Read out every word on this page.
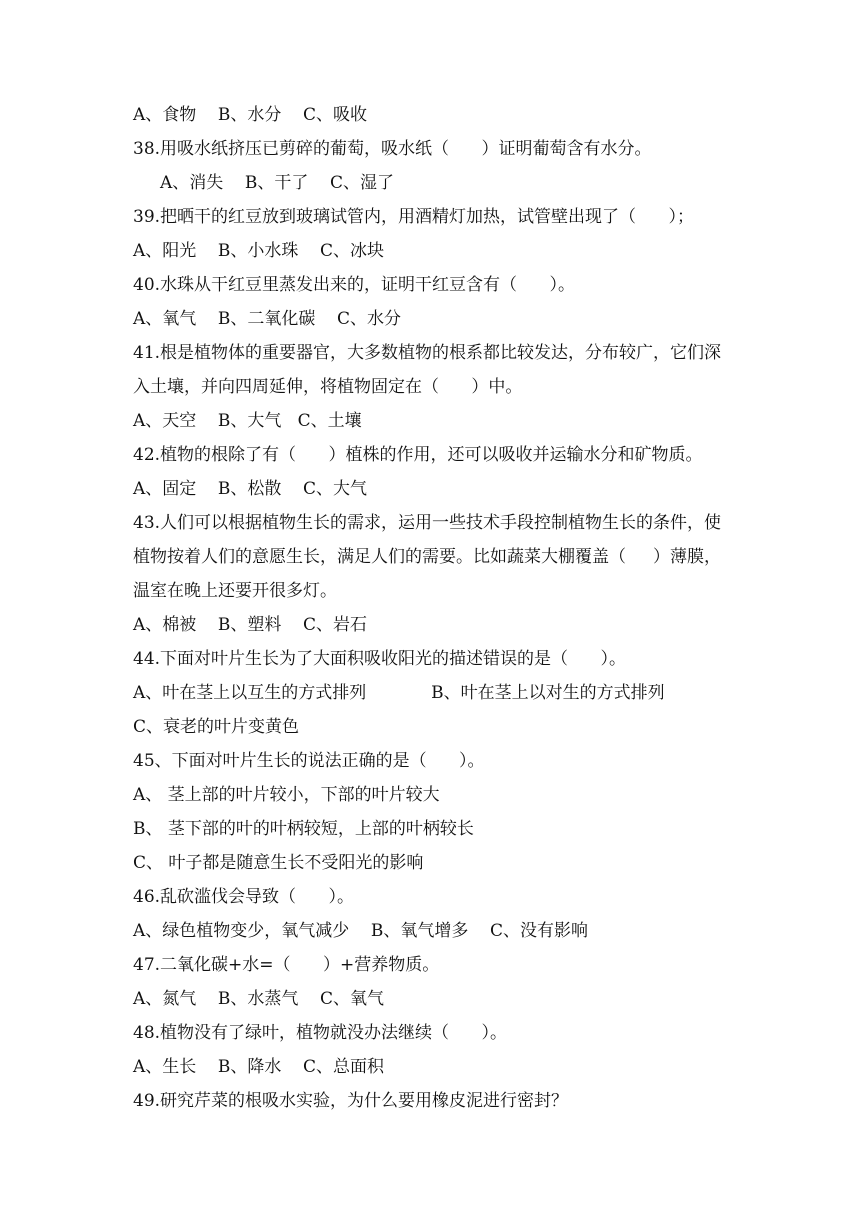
A、食物    B、水分    C、吸收
38.用吸水纸挤压已剪碎的葡萄，吸水纸（      ）证明葡萄含有水分。
A、消失    B、干了    C、湿了
39.把晒干的红豆放到玻璃试管内，用酒精灯加热，试管壁出现了（      ）；
A、阳光    B、小水珠    C、冰块
40.水珠从干红豆里蒸发出来的，证明干红豆含有（      ）。
A、氧气    B、二氧化碳    C、水分
41.根是植物体的重要器官，大多数植物的根系都比较发达，分布较广，它们深
入土壤，并向四周延伸，将植物固定在（      ）中。
A、天空    B、大气   C、土壤
42.植物的根除了有（      ）植株的作用，还可以吸收并运输水分和矿物质。
A、固定    B、松散    C、大气
43.人们可以根据植物生长的需求，运用一些技术手段控制植物生长的条件，使
植物按着人们的意愿生长，满足人们的需要。比如蔬菜大棚覆盖（     ）薄膜，
温室在晚上还要开很多灯。
A、棉被    B、塑料    C、岩石
44.下面对叶片生长为了大面积吸收阳光的描述错误的是（      ）。
A、叶在茎上以互生的方式排列            B、叶在茎上以对生的方式排列
C、衰老的叶片变黄色
45、下面对叶片生长的说法正确的是（      ）。
A、 茎上部的叶片较小，下部的叶片较大
B、 茎下部的叶的叶柄较短，上部的叶柄较长
C、 叶子都是随意生长不受阳光的影响
46.乱砍滥伐会导致（      ）。
A、绿色植物变少，氧气减少    B、氧气增多    C、没有影响
47.二氧化碳+水=（      ）+营养物质。
A、氮气    B、水蒸气    C、氧气
48.植物没有了绿叶，植物就没办法继续（      ）。
A、生长    B、降水    C、总面积
49.研究芹菜的根吸水实验，为什么要用橡皮泥进行密封？
